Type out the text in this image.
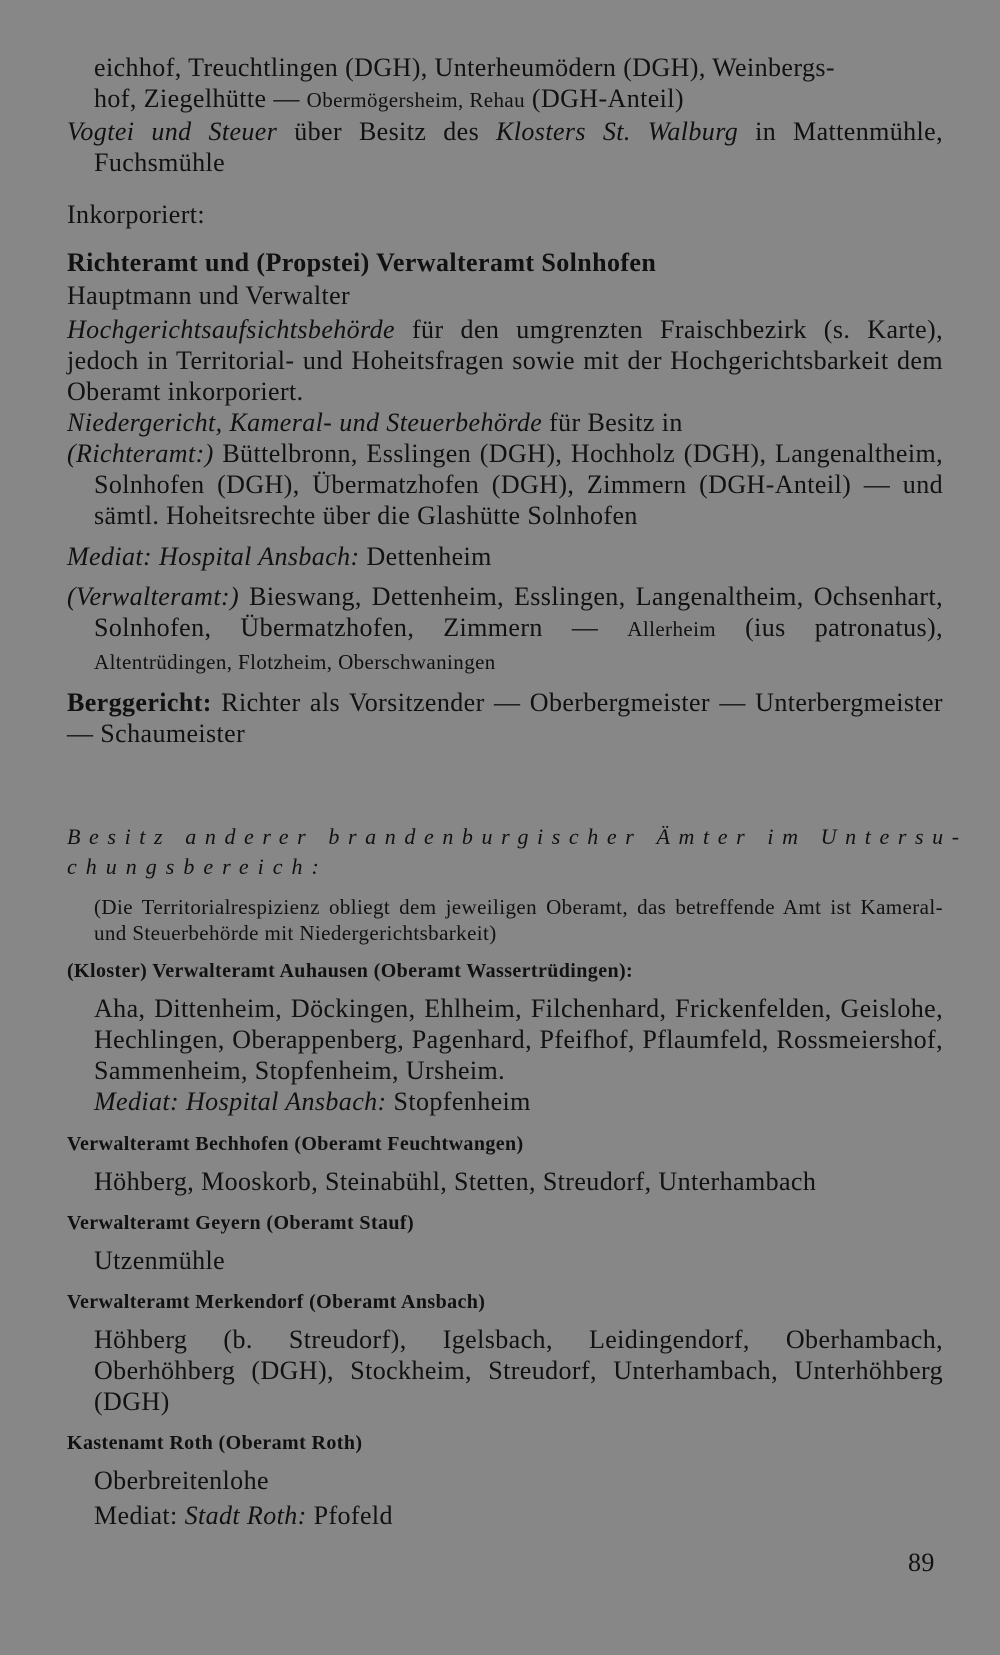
eichhof, Treuchtlingen (DGH), Unterheumödern (DGH), Weinbergs-
hof, Ziegelhütte — Obermögersheim, Rehau (DGH-Anteil)
Vogtei und Steuer über Besitz des Klosters St. Walburg in Mattenmühle, Fuchsmühle
Inkorporiert:
Richteramt und (Propstei) Verwalteramt Solnhofen
Hauptmann und Verwalter
Hochgerichtsaufsichtsbehörde für den umgrenzten Fraischbezirk (s. Karte), jedoch in Territorial- und Hoheitsfragen sowie mit der Hochgerichtsbarkeit dem Oberamt inkorporiert.
Niedergericht, Kameral- und Steuerbehörde für Besitz in
(Richteramt:) Büttelbronn, Esslingen (DGH), Hochholz (DGH), Langenaltheim, Solnhofen (DGH), Übermatzhofen (DGH), Zimmern (DGH-Anteil) — und sämtl. Hoheitsrechte über die Glashütte Solnhofen
Mediat: Hospital Ansbach: Dettenheim
(Verwalteramt:) Bieswang, Dettenheim, Esslingen, Langenaltheim, Ochsenhart, Solnhofen, Übermatzhofen, Zimmern — Allerheim (ius patronatus), Altentrüdingen, Flotzheim, Oberschwaningen
Berggericht: Richter als Vorsitzender — Oberbergmeister — Unterbergmeister — Schaumeister
Besitz anderer brandenburgischer Ämter im Untersu-
chungsbereich:
(Die Territorialrespizienz obliegt dem jeweiligen Oberamt, das betreffende Amt ist Kameral- und Steuerbehörde mit Niedergerichtsbarkeit)
(Kloster) Verwalteramt Auhausen (Oberamt Wassertrüdingen):
Aha, Dittenheim, Döckingen, Ehlheim, Filchenhard, Frickenfelden, Geislohe, Hechlingen, Oberappenberg, Pagenhard, Pfeifhof, Pflaumfeld, Rossmeiershof, Sammenheim, Stopfenheim, Ursheim.
Mediat: Hospital Ansbach: Stopfenheim
Verwalteramt Bechhofen (Oberamt Feuchtwangen)
Höhberg, Mooskorb, Steinabühl, Stetten, Streudorf, Unterhambach
Verwalteramt Geyern (Oberamt Stauf)
Utzenmühle
Verwalteramt Merkendorf (Oberamt Ansbach)
Höhberg (b. Streudorf), Igelsbach, Leidingendorf, Oberhambach, Oberhöhberg (DGH), Stockheim, Streudorf, Unterhambach, Unterhöhberg (DGH)
Kastenamt Roth (Oberamt Roth)
Oberbreitenlohe
Mediat: Stadt Roth: Pfofeld
89
